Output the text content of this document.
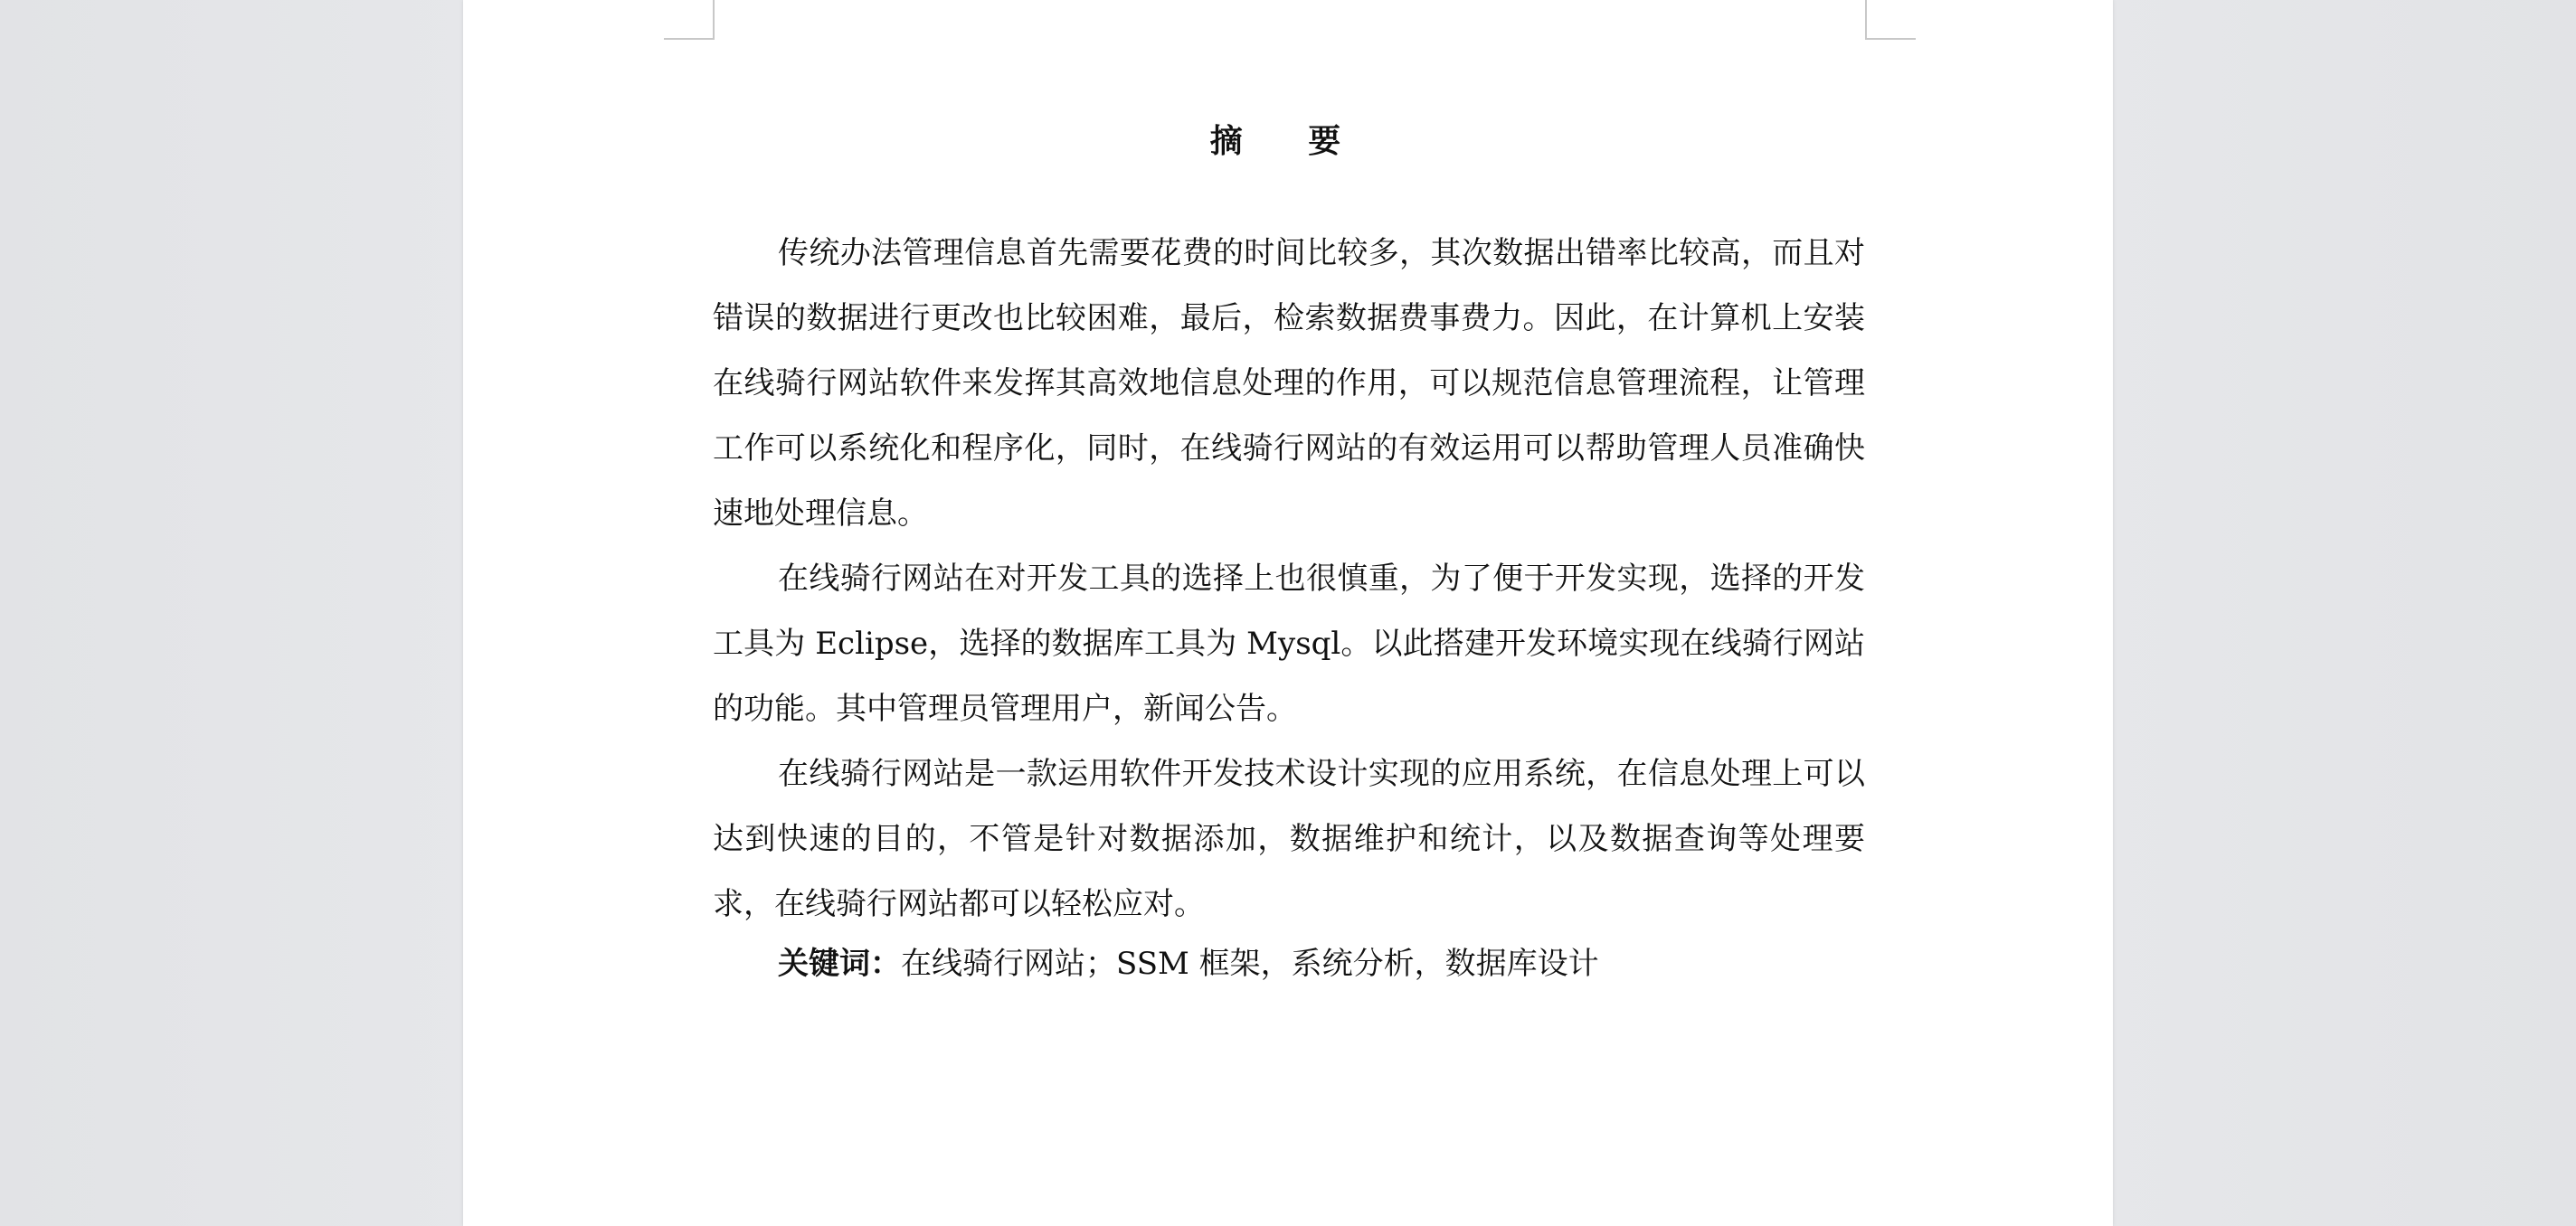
摘 要

传统办法管理信息首先需要花费的时间比较多，其次数据出错率比较高，而且对错误的数据进行更改也比较困难，最后，检索数据费事费力。因此，在计算机上安装在线骑行网站软件来发挥其高效地信息处理的作用，可以规范信息管理流程，让管理工作可以系统化和程序化，同时，在线骑行网站的有效运用可以帮助管理人员准确快速地处理信息。

在线骑行网站在对开发工具的选择上也很慎重，为了便于开发实现，选择的开发工具为 Eclipse，选择的数据库工具为 Mysql。以此搭建开发环境实现在线骑行网站的功能。其中管理员管理用户，新闻公告。

在线骑行网站是一款运用软件开发技术设计实现的应用系统，在信息处理上可以达到快速的目的，不管是针对数据添加，数据维护和统计，以及数据查询等处理要求，在线骑行网站都可以轻松应对。

关键词：在线骑行网站；SSM 框架，系统分析，数据库设计
